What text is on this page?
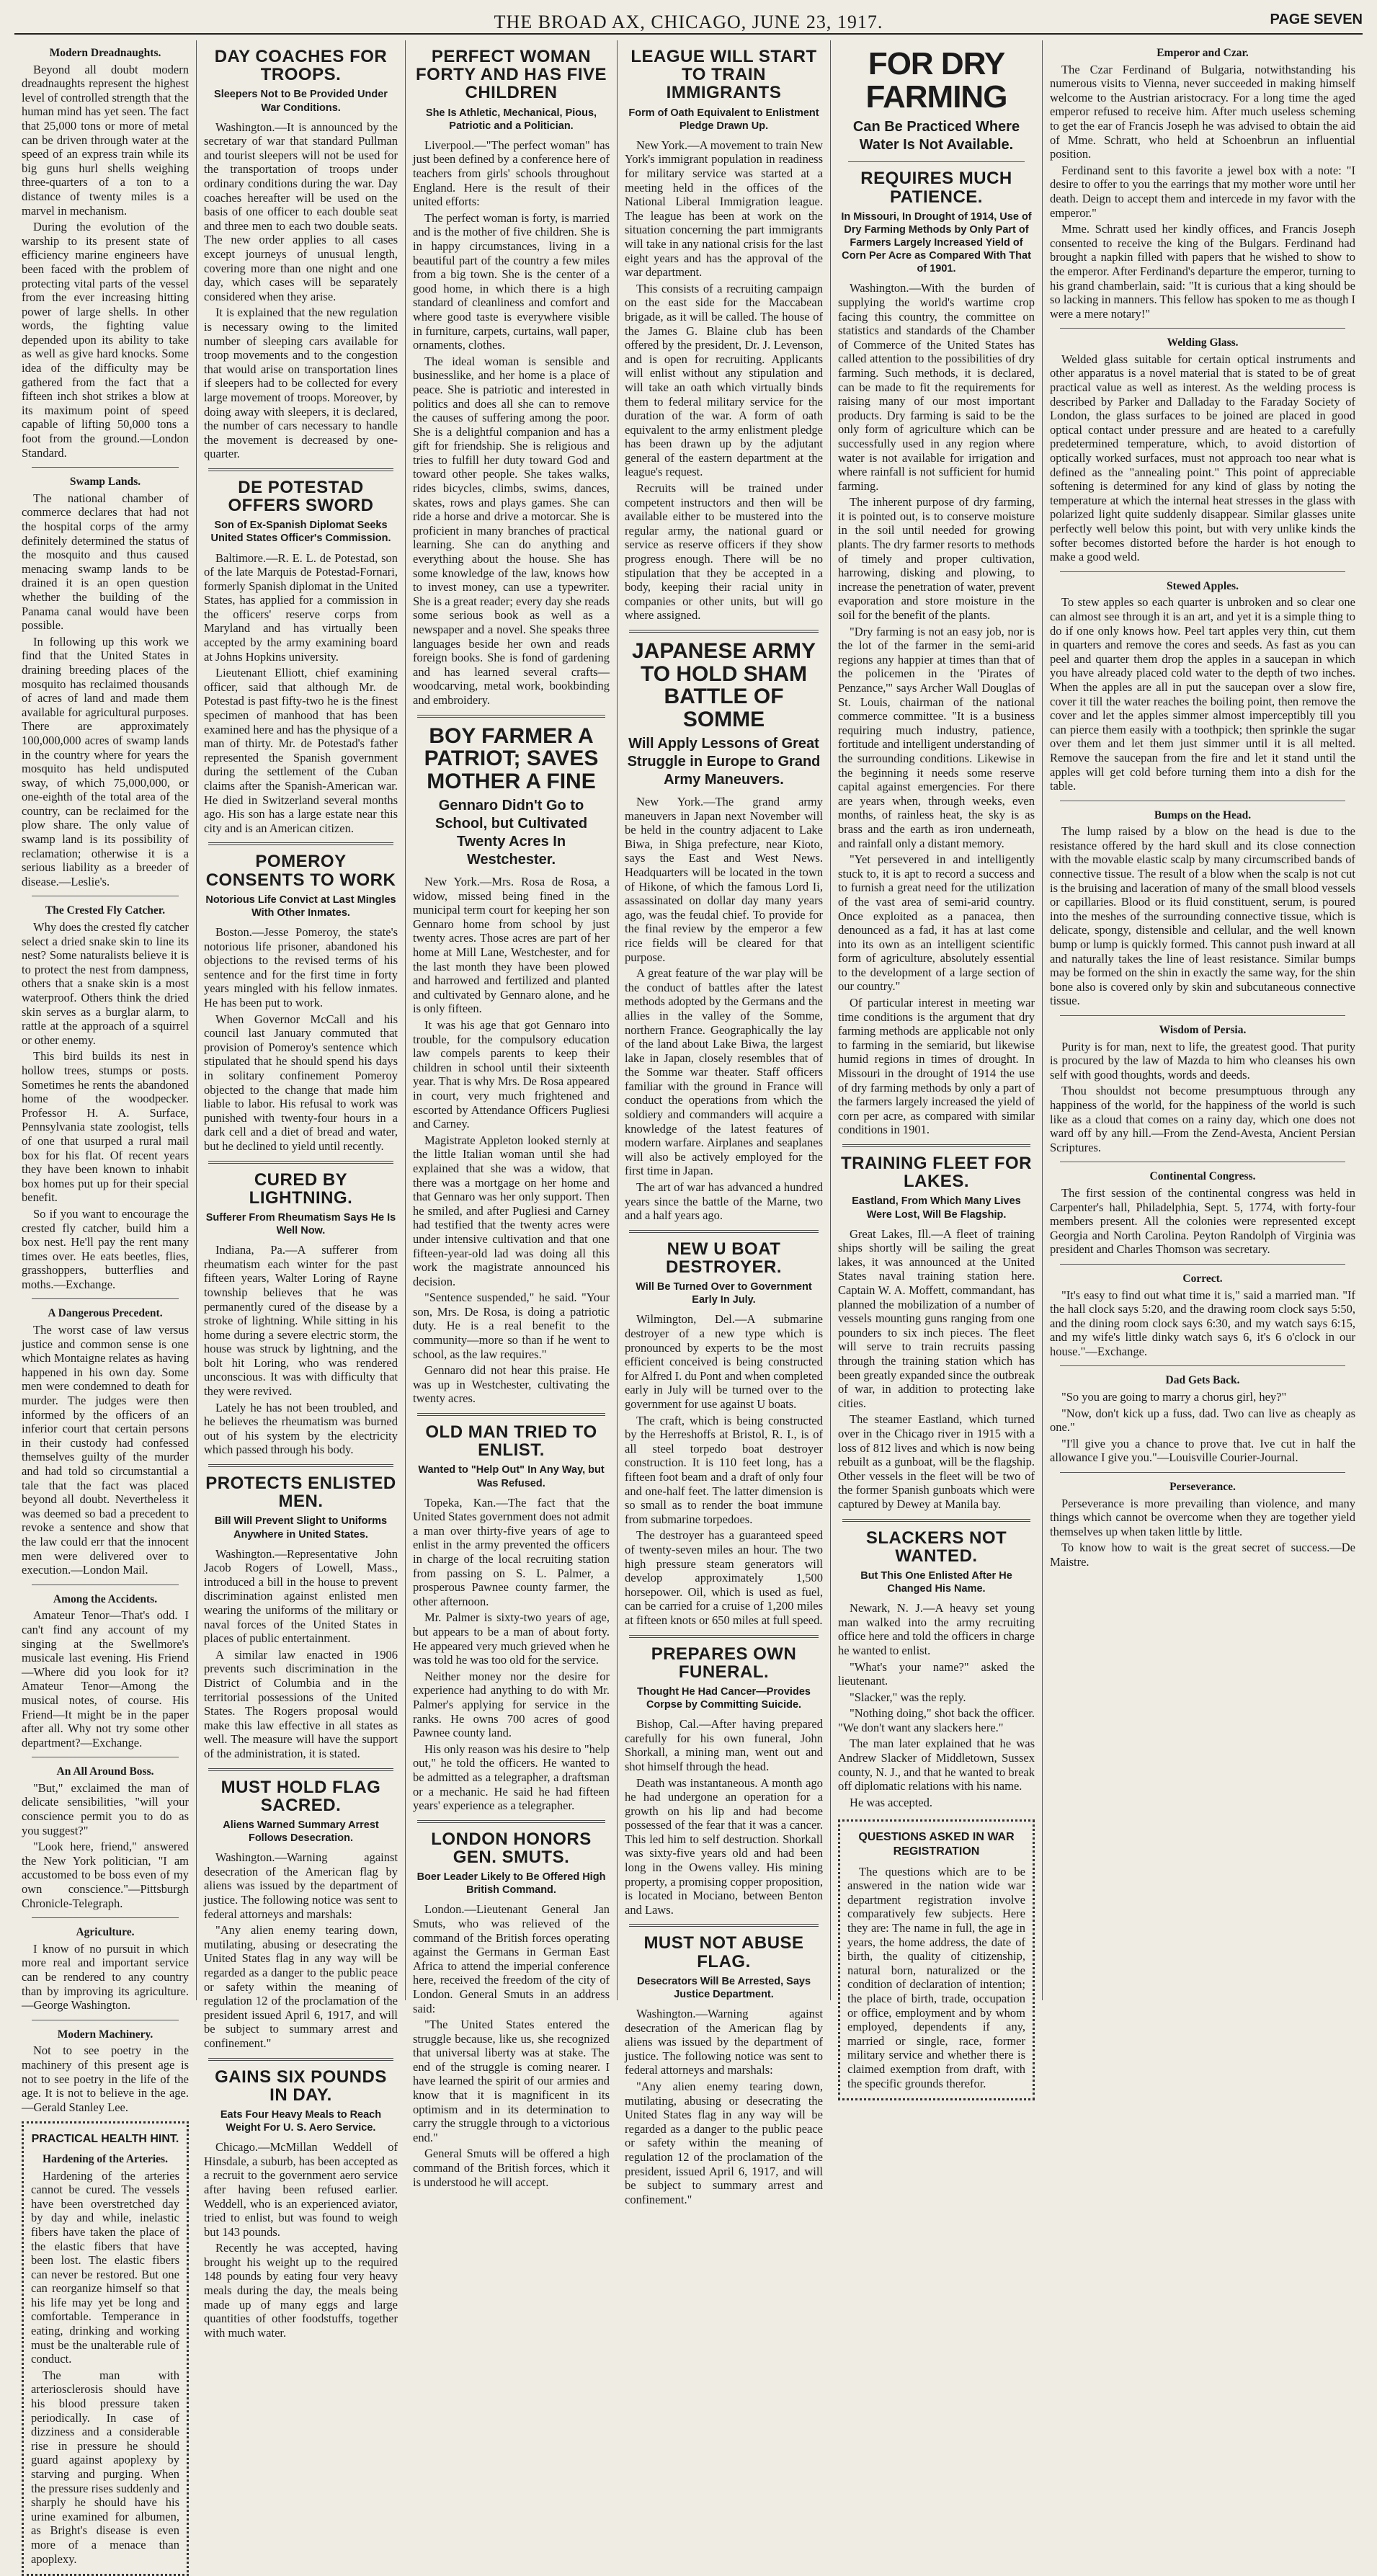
THE BROAD AX, CHICAGO, JUNE 23, 1917.	PAGE SEVEN
Modern Dreadnaughts.

Beyond all doubt modern dreadnaughts represent the highest level of controlled strength that the human mind has yet seen. The fact that 25,000 tons or more of metal can be driven through water at the speed of an express train while its big guns hurl shells weighing three-quarters of a ton to a distance of twenty miles is a marvel in mechanism.

During the evolution of the warship to its present state of efficiency marine engineers have been faced with the problem of protecting vital parts of the vessel from the ever increasing hitting power of large shells. In other words, the fighting value depended upon its ability to take as well as give hard knocks. Some idea of the difficulty may be gathered from the fact that a fifteen inch shot strikes a blow at its maximum point of speed capable of lifting 50,000 tons a foot from the ground.—London Standard.

Swamp Lands.

The national chamber of commerce declares that had not the hospital corps of the army definitely determined the status of the mosquito and thus caused menacing swamp lands to be drained it is an open question whether the building of the Panama canal would have been possible.

In following up this work we find that the United States in draining breeding places of the mosquito has reclaimed thousands of acres of land and made them available for agricultural purposes. There are approximately 100,000,000 acres of swamp lands in the country where for years the mosquito has held undisputed sway, of which 75,000,000, or one-eighth of the total area of the country, can be reclaimed for the plow share. The only value of swamp land is its possibility of reclamation; otherwise it is a serious liability as a breeder of disease.—Leslie's.

The Crested Fly Catcher.

Why does the crested fly catcher select a dried snake skin to line its nest? Some naturalists believe it is to protect the nest from dampness, others that a snake skin is a most waterproof. Others think the dried skin serves as a burglar alarm, to rattle at the approach of a squirrel or other enemy.

This bird builds its nest in hollow trees, stumps or posts. Sometimes he rents the abandoned home of the woodpecker. Professor H. A. Surface, Pennsylvania state zoologist, tells of one that usurped a rural mail box for his flat. Of recent years they have been known to inhabit box homes put up for their special benefit.

So if you want to encourage the crested fly catcher, build him a box nest. He'll pay the rent many times over. He eats beetles, flies, grasshoppers, butterflies and moths.—Exchange.

A Dangerous Precedent.

The worst case of law versus justice and common sense is one which Montaigne relates as having happened in his own day. Some men were condemned to death for murder. The judges were then informed by the officers of an inferior court that certain persons in their custody had confessed themselves guilty of the murder and had told so circumstantial a tale that the fact was placed beyond all doubt. Nevertheless it was deemed so bad a precedent to revoke a sentence and show that the law could err that the innocent men were delivered over to execution.—London Mail.

Among the Accidents.

Amateur Tenor—That's odd. I can't find any account of my singing at the Swellmore's musicale last evening. His Friend—Where did you look for it? Amateur Tenor—Among the musical notes, of course. His Friend—It might be in the paper after all. Why not try some other department?—Exchange.

An All Around Boss.

"But," exclaimed the man of delicate sensibilities, "will your conscience permit you to do as you suggest?"

"Look here, friend," answered the New York politician, "I am accustomed to be boss even of my own conscience."—Pittsburgh Chronicle-Telegraph.

Agriculture.

I know of no pursuit in which more real and important service can be rendered to any country than by improving its agriculture.—George Washington.

Modern Machinery.

Not to see poetry in the machinery of this present age is not to see poetry in the life of the age. It is not to believe in the age.—Gerald Stanley Lee.

PRACTICAL HEALTH HINT.
Hardening of the Arteries.

Hardening of the arteries cannot be cured. The vessels have been overstretched day by day and while, inelastic fibers have taken the place of the elastic fibers that have been lost. The elastic fibers can never be restored. But one can reorganize himself so that his life may yet be long and comfortable. Temperance in eating, drinking and working must be the unalterable rule of conduct.

The man with arteriosclerosis should have his blood pressure taken periodically. In case of dizziness and a considerable rise in pressure he should guard against apoplexy by starving and purging. When the pressure rises suddenly and sharply he should have his urine examined for albumen, as Bright's disease is even more of a menace than apoplexy.

DAY COACHES FOR TROOPS.
Sleepers Not to Be Provided Under War Conditions.

Washington.—It is announced by the secretary of war that standard Pullman and tourist sleepers will not be used for the transportation of troops under ordinary conditions during the war. Day coaches hereafter will be used on the basis of one officer to each double seat and three men to each two double seats. The new order applies to all cases except journeys of unusual length, covering more than one night and one day, which cases will be separately considered when they arise.

It is explained that the new regulation is necessary owing to the limited number of sleeping cars available for troop movements and to the congestion that would arise on transportation lines if sleepers had to be collected for every large movement of troops. Moreover, by doing away with sleepers, it is declared, the number of cars necessary to handle the movement is decreased by one-quarter.

DE POTESTAD OFFERS SWORD
Son of Ex-Spanish Diplomat Seeks United States Officer's Commission.

Baltimore.—R. E. L. de Potestad, son of the late Marquis de Potestad-Fornari, formerly Spanish diplomat in the United States, has applied for a commission in the officers' reserve corps from Maryland and has virtually been accepted by the army examining board at Johns Hopkins university.

Lieutenant Elliott, chief examining officer, said that although Mr. de Potestad is past fifty-two he is the finest specimen of manhood that has been examined here and has the physique of a man of thirty. Mr. de Potestad's father represented the Spanish government during the settlement of the Cuban claims after the Spanish-American war. He died in Switzerland several months ago. His son has a large estate near this city and is an American citizen.

POMEROY CONSENTS TO WORK
Notorious Life Convict at Last Mingles With Other Inmates.

Boston.—Jesse Pomeroy, the state's notorious life prisoner, abandoned his objections to the revised terms of his sentence and for the first time in forty years mingled with his fellow inmates. He has been put to work.

When Governor McCall and his council last January commuted that provision of Pomeroy's sentence which stipulated that he should spend his days in solitary confinement Pomeroy objected to the change that made him liable to labor. His refusal to work was punished with twenty-four hours in a dark cell and a diet of bread and water, but he declined to yield until recently.

CURED BY LIGHTNING.
Sufferer From Rheumatism Says He Is Well Now.

Indiana, Pa.—A sufferer from rheumatism each winter for the past fifteen years, Walter Loring of Rayne township believes that he was permanently cured of the disease by a stroke of lightning. While sitting in his home during a severe electric storm, the house was struck by lightning, and the bolt hit Loring, who was rendered unconscious. It was with difficulty that they were revived.

Lately he has not been troubled, and he believes the rheumatism was burned out of his system by the electricity which passed through his body.

PROTECTS ENLISTED MEN.
Bill Will Prevent Slight to Uniforms Anywhere in United States.

Washington.—Representative John Jacob Rogers of Lowell, Mass., introduced a bill in the house to prevent discrimination against enlisted men wearing the uniforms of the military or naval forces of the United States in places of public entertainment.

A similar law enacted in 1906 prevents such discrimination in the District of Columbia and in the territorial possessions of the United States. The Rogers proposal would make this law effective in all states as well. The measure will have the support of the administration, it is stated.

MUST HOLD FLAG SACRED.
Aliens Warned Summary Arrest Follows Desecration.

Washington.—Warning against desecration of the American flag by aliens was issued by the department of justice. The following notice was sent to federal attorneys and marshals:

"Any alien enemy tearing down, mutilating, abusing or desecrating the United States flag in any way will be regarded as a danger to the public peace or safety within the meaning of regulation 12 of the proclamation of the president issued April 6, 1917, and will be subject to summary arrest and confinement."

GAINS SIX POUNDS IN DAY.
Eats Four Heavy Meals to Reach Weight For U. S. Aero Service.

Chicago.—McMillan Weddell of Hinsdale, a suburb, has been accepted as a recruit to the government aero service after having been refused earlier. Weddell, who is an experienced aviator, tried to enlist, but was found to weigh but 143 pounds.

Recently he was accepted, having brought his weight up to the required 148 pounds by eating four very heavy meals during the day, the meals being made up of many eggs and large quantities of other foodstuffs, together with much water.

PERFECT WOMAN FORTY AND HAS FIVE CHILDREN
She Is Athletic, Mechanical, Pious, Patriotic and a Politician.

Liverpool.—"The perfect woman" has just been defined by a conference here of teachers from girls' schools throughout England. Here is the result of their united efforts:

The perfect woman is forty, is married and is the mother of five children. She is in happy circumstances, living in a beautiful part of the country a few miles from a big town. She is the center of a good home, in which there is a high standard of cleanliness and comfort and where good taste is everywhere visible in furniture, carpets, curtains, wall paper, ornaments, clothes.

The ideal woman is sensible and businesslike, and her home is a place of peace. She is patriotic and interested in politics and does all she can to remove the causes of suffering among the poor. She is a delightful companion and has a gift for friendship. She is religious and tries to fulfill her duty toward God and toward other people. She takes walks, rides bicycles, climbs, swims, dances, skates, rows and plays games. She can ride a horse and drive a motorcar. She is proficient in many branches of practical learning. She can do anything and everything about the house. She has some knowledge of the law, knows how to invest money, can use a typewriter. She is a great reader; every day she reads some serious book as well as a newspaper and a novel. She speaks three languages beside her own and reads foreign books. She is fond of gardening and has learned several crafts—woodcarving, metal work, bookbinding and embroidery.

BOY FARMER A PATRIOT; SAVES MOTHER A FINE
Gennaro Didn't Go to School, but Cultivated Twenty Acres In Westchester.

New York.—Mrs. Rosa de Rosa, a widow, missed being fined in the municipal term court for keeping her son Gennaro home from school by just twenty acres. Those acres are part of her home at Mill Lane, Westchester, and for the last month they have been plowed and harrowed and fertilized and planted and cultivated by Gennaro alone, and he is only fifteen.

It was his age that got Gennaro into trouble, for the compulsory education law compels parents to keep their children in school until their sixteenth year. That is why Mrs. De Rosa appeared in court, very much frightened and escorted by Attendance Officers Pugliesi and Carney.

Magistrate Appleton looked sternly at the little Italian woman until she had explained that she was a widow, that there was a mortgage on her home and that Gennaro was her only support. Then he smiled, and after Pugliesi and Carney had testified that the twenty acres were under intensive cultivation and that one fifteen-year-old lad was doing all this work the magistrate announced his decision.

"Sentence suspended," he said. "Your son, Mrs. De Rosa, is doing a patriotic duty. He is a real benefit to the community—more so than if he went to school, as the law requires."

Gennaro did not hear this praise. He was up in Westchester, cultivating the twenty acres.

OLD MAN TRIED TO ENLIST.
Wanted to "Help Out" In Any Way, but Was Refused.

Topeka, Kan.—The fact that the United States government does not admit a man over thirty-five years of age to enlist in the army prevented the officers in charge of the local recruiting station from passing on S. L. Palmer, a prosperous Pawnee county farmer, the other afternoon.

Mr. Palmer is sixty-two years of age, but appears to be a man of about forty. He appeared very much grieved when he was told he was too old for the service.

Neither money nor the desire for experience had anything to do with Mr. Palmer's applying for service in the ranks. He owns 700 acres of good Pawnee county land.

His only reason was his desire to "help out," he told the officers. He wanted to be admitted as a telegrapher, a draftsman or a mechanic. He said he had fifteen years' experience as a telegrapher.

LONDON HONORS GEN. SMUTS.
Boer Leader Likely to Be Offered High British Command.

London.—Lieutenant General Jan Smuts, who was relieved of the command of the British forces operating against the Germans in German East Africa to attend the imperial conference here, received the freedom of the city of London. General Smuts in an address said:

"The United States entered the struggle because, like us, she recognized that universal liberty was at stake. The end of the struggle is coming nearer. I have learned the spirit of our armies and know that it is magnificent in its optimism and in its determination to carry the struggle through to a victorious end."

General Smuts will be offered a high command of the British forces, which it is understood he will accept.

LEAGUE WILL START TO TRAIN IMMIGRANTS
Form of Oath Equivalent to Enlistment Pledge Drawn Up.

New York.—A movement to train New York's immigrant population in readiness for military service was started at a meeting held in the offices of the National Liberal Immigration league. The league has been at work on the situation concerning the part immigrants will take in any national crisis for the last eight years and has the approval of the war department.

This consists of a recruiting campaign on the east side for the Maccabean brigade, as it will be called. The house of the James G. Blaine club has been offered by the president, Dr. J. Levenson, and is open for recruiting. Applicants will enlist without any stipulation and will take an oath which virtually binds them to federal military service for the duration of the war. A form of oath equivalent to the army enlistment pledge has been drawn up by the adjutant general of the eastern department at the league's request.

Recruits will be trained under competent instructors and then will be available either to be mustered into the regular army, the national guard or service as reserve officers if they show progress enough. There will be no stipulation that they be accepted in a body, keeping their racial unity in companies or other units, but will go where assigned.

JAPANESE ARMY TO HOLD SHAM BATTLE OF SOMME
Will Apply Lessons of Great Struggle in Europe to Grand Army Maneuvers.

New York.—The grand army maneuvers in Japan next November will be held in the country adjacent to Lake Biwa, in Shiga prefecture, near Kioto, says the East and West News. Headquarters will be located in the town of Hikone, of which the famous Lord Ii, assassinated on dollar day many years ago, was the feudal chief. To provide for the final review by the emperor a few rice fields will be cleared for that purpose.

A great feature of the war play will be the conduct of battles after the latest methods adopted by the Germans and the allies in the valley of the Somme, northern France. Geographically the lay of the land about Lake Biwa, the largest lake in Japan, closely resembles that of the Somme war theater. Staff officers familiar with the ground in France will conduct the operations from which the soldiery and commanders will acquire a knowledge of the latest features of modern warfare. Airplanes and seaplanes will also be actively employed for the first time in Japan.

The art of war has advanced a hundred years since the battle of the Marne, two and a half years ago.

NEW U BOAT DESTROYER.
Will Be Turned Over to Government Early In July.

Wilmington, Del.—A submarine destroyer of a new type which is pronounced by experts to be the most efficient conceived is being constructed for Alfred I. du Pont and when completed early in July will be turned over to the government for use against U boats.

The craft, which is being constructed by the Herreshoffs at Bristol, R. I., is of all steel torpedo boat destroyer construction. It is 110 feet long, has a fifteen foot beam and a draft of only four and one-half feet. The latter dimension is so small as to render the boat immune from submarine torpedoes.

The destroyer has a guaranteed speed of twenty-seven miles an hour. The two high pressure steam generators will develop approximately 1,500 horsepower. Oil, which is used as fuel, can be carried for a cruise of 1,200 miles at fifteen knots or 650 miles at full speed.

PREPARES OWN FUNERAL.
Thought He Had Cancer—Provides Corpse by Committing Suicide.

Bishop, Cal.—After having prepared carefully for his own funeral, John Shorkall, a mining man, went out and shot himself through the head.

Death was instantaneous. A month ago he had undergone an operation for a growth on his lip and had become possessed of the fear that it was a cancer. This led him to self destruction. Shorkall was sixty-five years old and had been long in the Owens valley. His mining property, a promising copper proposition, is located in Mociano, between Benton and Laws.

MUST NOT ABUSE FLAG.
Desecrators Will Be Arrested, Says Justice Department.

Washington.—Warning against desecration of the American flag by aliens was issued by the department of justice. The following notice was sent to federal attorneys and marshals:

"Any alien enemy tearing down, mutilating, abusing or desecrating the United States flag in any way will be regarded as a danger to the public peace or safety within the meaning of regulation 12 of the proclamation of the president, issued April 6, 1917, and will be subject to summary arrest and confinement."

FOR DRY FARMING
Can Be Practiced Where Water Is Not Available.
REQUIRES MUCH PATIENCE.
In Missouri, In Drought of 1914, Use of Dry Farming Methods by Only Part of Farmers Largely Increased Yield of Corn Per Acre as Compared With That of 1901.

Washington.—With the burden of supplying the world's wartime crop facing this country, the committee on statistics and standards of the Chamber of Commerce of the United States has called attention to the possibilities of dry farming. Such methods, it is declared, can be made to fit the requirements for raising many of our most important products. Dry farming is said to be the only form of agriculture which can be successfully used in any region where water is not available for irrigation and where rainfall is not sufficient for humid farming.

The inherent purpose of dry farming, it is pointed out, is to conserve moisture in the soil until needed for growing plants. The dry farmer resorts to methods of timely and proper cultivation, harrowing, disking and plowing, to increase the penetration of water, prevent evaporation and store moisture in the soil for the benefit of the plants.

"Dry farming is not an easy job, nor is the lot of the farmer in the semi-arid regions any happier at times than that of the policemen in the 'Pirates of Penzance,'" says Archer Wall Douglas of St. Louis, chairman of the national commerce committee. "It is a business requiring much industry, patience, fortitude and intelligent understanding of the surrounding conditions. Likewise in the beginning it needs some reserve capital against emergencies. For there are years when, through weeks, even months, of rainless heat, the sky is as brass and the earth as iron underneath, and rainfall only a distant memory.

"Yet persevered in and intelligently stuck to, it is apt to record a success and to furnish a great need for the utilization of the vast area of semi-arid country. Once exploited as a panacea, then denounced as a fad, it has at last come into its own as an intelligent scientific form of agriculture, absolutely essential to the development of a large section of our country."

Of particular interest in meeting war time conditions is the argument that dry farming methods are applicable not only to farming in the semiarid, but likewise humid regions in times of drought. In Missouri in the drought of 1914 the use of dry farming methods by only a part of the farmers largely increased the yield of corn per acre, as compared with similar conditions in 1901.

TRAINING FLEET FOR LAKES.
Eastland, From Which Many Lives Were Lost, Will Be Flagship.

Great Lakes, Ill.—A fleet of training ships shortly will be sailing the great lakes, it was announced at the United States naval training station here. Captain W. A. Moffett, commandant, has planned the mobilization of a number of vessels mounting guns ranging from one pounders to six inch pieces. The fleet will serve to train recruits passing through the training station which has been greatly expanded since the outbreak of war, in addition to protecting lake cities.

The steamer Eastland, which turned over in the Chicago river in 1915 with a loss of 812 lives and which is now being rebuilt as a gunboat, will be the flagship. Other vessels in the fleet will be two of the former Spanish gunboats which were captured by Dewey at Manila bay.

SLACKERS NOT WANTED.
But This One Enlisted After He Changed His Name.

Newark, N. J.—A heavy set young man walked into the army recruiting office here and told the officers in charge he wanted to enlist.

"What's your name?" asked the lieutenant.

"Slacker," was the reply.

"Nothing doing," shot back the officer. "We don't want any slackers here."

The man later explained that he was Andrew Slacker of Middletown, Sussex county, N. J., and that he wanted to break off diplomatic relations with his name.

He was accepted.

QUESTIONS ASKED IN WAR REGISTRATION

The questions which are to be answered in the nation wide war department registration involve comparatively few subjects. Here they are: The name in full, the age in years, the home address, the date of birth, the quality of citizenship, natural born, naturalized or the condition of declaration of intention; the place of birth, trade, occupation or office, employment and by whom employed, dependents if any, married or single, race, former military service and whether there is claimed exemption from draft, with the specific grounds therefor.

Emperor and Czar.

The Czar Ferdinand of Bulgaria, notwithstanding his numerous visits to Vienna, never succeeded in making himself welcome to the Austrian aristocracy. For a long time the aged emperor refused to receive him. After much useless scheming to get the ear of Francis Joseph he was advised to obtain the aid of Mme. Schratt, who held at Schoenbrun an influential position.

Ferdinand sent to this favorite a jewel box with a note: "I desire to offer to you the earrings that my mother wore until her death. Deign to accept them and intercede in my favor with the emperor."

Mme. Schratt used her kindly offices, and Francis Joseph consented to receive the king of the Bulgars. Ferdinand had brought a napkin filled with papers that he wished to show to the emperor. After Ferdinand's departure the emperor, turning to his grand chamberlain, said: "It is curious that a king should be so lacking in manners. This fellow has spoken to me as though I were a mere notary!"

Welding Glass.

Welded glass suitable for certain optical instruments and other apparatus is a novel material that is stated to be of great practical value as well as interest. As the welding process is described by Parker and Dalladay to the Faraday Society of London, the glass surfaces to be joined are placed in good optical contact under pressure and are heated to a carefully predetermined temperature, which, to avoid distortion of optically worked surfaces, must not approach too near what is defined as the "annealing point." This point of appreciable softening is determined for any kind of glass by noting the temperature at which the internal heat stresses in the glass with polarized light quite suddenly disappear. Similar glasses unite perfectly well below this point, but with very unlike kinds the softer becomes distorted before the harder is hot enough to make a good weld.

Stewed Apples.

To stew apples so each quarter is unbroken and so clear one can almost see through it is an art, and yet it is a simple thing to do if one only knows how. Peel tart apples very thin, cut them in quarters and remove the cores and seeds. As fast as you can peel and quarter them drop the apples in a saucepan in which you have already placed cold water to the depth of two inches. When the apples are all in put the saucepan over a slow fire, cover it till the water reaches the boiling point, then remove the cover and let the apples simmer almost imperceptibly till you can pierce them easily with a toothpick; then sprinkle the sugar over them and let them just simmer until it is all melted. Remove the saucepan from the fire and let it stand until the apples will get cold before turning them into a dish for the table.

Bumps on the Head.

The lump raised by a blow on the head is due to the resistance offered by the hard skull and its close connection with the movable elastic scalp by many circumscribed bands of connective tissue. The result of a blow when the scalp is not cut is the bruising and laceration of many of the small blood vessels or capillaries. Blood or its fluid constituent, serum, is poured into the meshes of the surrounding connective tissue, which is delicate, spongy, distensible and cellular, and the well known bump or lump is quickly formed. This cannot push inward at all and naturally takes the line of least resistance. Similar bumps may be formed on the shin in exactly the same way, for the shin bone also is covered only by skin and subcutaneous connective tissue.

Wisdom of Persia.

Purity is for man, next to life, the greatest good. That purity is procured by the law of Mazda to him who cleanses his own self with good thoughts, words and deeds.

Thou shouldst not become presumptuous through any happiness of the world, for the happiness of the world is such like as a cloud that comes on a rainy day, which one does not ward off by any hill.—From the Zend-Avesta, Ancient Persian Scriptures.

Continental Congress.

The first session of the continental congress was held in Carpenter's hall, Philadelphia, Sept. 5, 1774, with forty-four members present. All the colonies were represented except Georgia and North Carolina. Peyton Randolph of Virginia was president and Charles Thomson was secretary.

Correct.

"It's easy to find out what time it is," said a married man. "If the hall clock says 5:20, and the drawing room clock says 5:50, and the dining room clock says 6:30, and my watch says 6:15, and my wife's little dinky watch says 6, it's 6 o'clock in our house."—Exchange.

Dad Gets Back.

"So you are going to marry a chorus girl, hey?"

"Now, don't kick up a fuss, dad. Two can live as cheaply as one."

"I'll give you a chance to prove that. Ive cut in half the allowance I give you."—Louisville Courier-Journal.

Perseverance.

Perseverance is more prevailing than violence, and many things which cannot be overcome when they are together yield themselves up when taken little by little.

To know how to wait is the great secret of success.—De Maistre.
